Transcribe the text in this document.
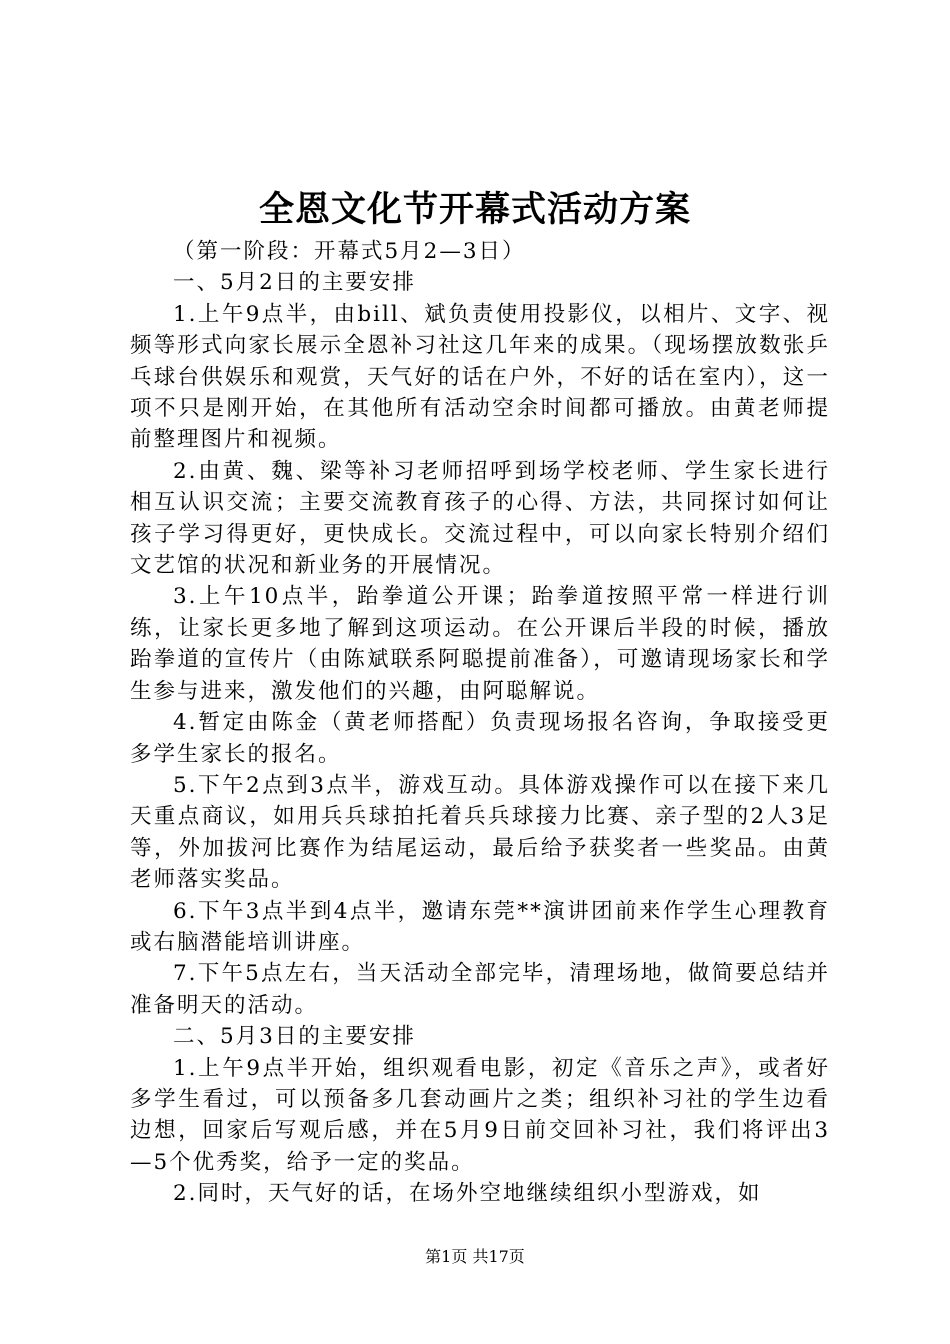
全恩文化节开幕式活动方案

（第一阶段：开幕式5月2—3日）

一、5月2日的主要安排

1.上午9点半，由bill、斌负责使用投影仪，以相片、文字、视频等形式向家长展示全恩补习社这几年来的成果。（现场摆放数张乒乓球台供娱乐和观赏，天气好的话在户外，不好的话在室内），这一项不只是刚开始，在其他所有活动空余时间都可播放。由黄老师提前整理图片和视频。

2.由黄、魏、梁等补习老师招呼到场学校老师、学生家长进行相互认识交流；主要交流教育孩子的心得、方法，共同探讨如何让孩子学习得更好，更快成长。交流过程中，可以向家长特别介绍们文艺馆的状况和新业务的开展情况。

3.上午10点半，跆拳道公开课；跆拳道按照平常一样进行训练，让家长更多地了解到这项运动。在公开课后半段的时候，播放跆拳道的宣传片（由陈斌联系阿聪提前准备），可邀请现场家长和学生参与进来，激发他们的兴趣，由阿聪解说。

4.暂定由陈金（黄老师搭配）负责现场报名咨询，争取接受更多学生家长的报名。

5.下午2点到3点半，游戏互动。具体游戏操作可以在接下来几天重点商议，如用兵兵球拍托着兵兵球接力比赛、亲子型的2人3足等，外加拔河比赛作为结尾运动，最后给予获奖者一些奖品。由黄老师落实奖品。

6.下午3点半到4点半，邀请东莞**演讲团前来作学生心理教育或右脑潜能培训讲座。

7.下午5点左右，当天活动全部完毕，清理场地，做简要总结并准备明天的活动。

二、5月3日的主要安排

1.上午9点半开始，组织观看电影，初定《音乐之声》，或者好多学生看过，可以预备多几套动画片之类；组织补习社的学生边看边想，回家后写观后感，并在5月9日前交回补习社，我们将评出3—5个优秀奖，给予一定的奖品。

2.同时，天气好的话，在场外空地继续组织小型游戏，如

第1页 共17页
